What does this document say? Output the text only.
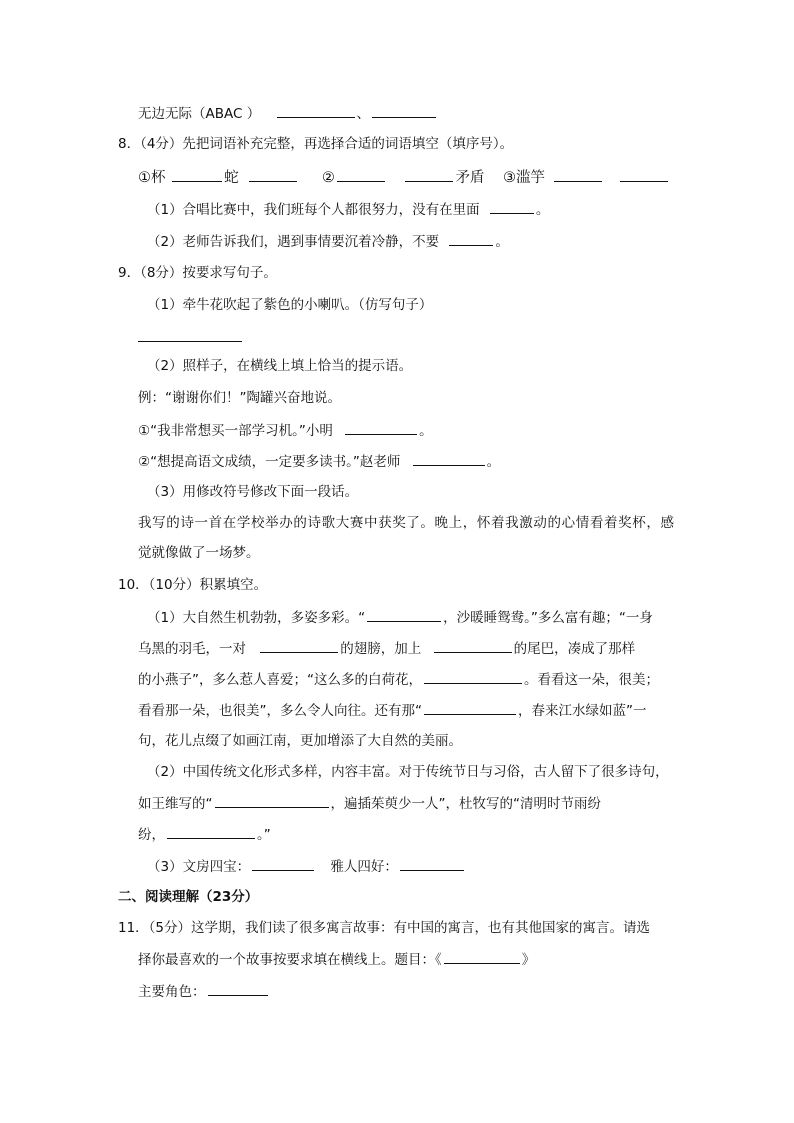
无边无际（ABAC ）	、
8．（4分）先把词语补充完整，再选择合适的词语填空（填序号）。
①杯	蛇	②	矛盾 ③滥竽
（1）合唱比赛中，我们班每个人都很努力，没有在里面	。
（2）老师告诉我们，遇到事情要沉着冷静，不要	。
9．（8分）按要求写句子。
（1）牵牛花吹起了紫色的小喇叭。（仿写句子）
（2）照样子，在横线上填上恰当的提示语。
例：“谢谢你们！”陶罐兴奋地说。
①“我非常想买一部学习机。”小明	。
②“想提高语文成绩，一定要多读书。”赵老师	。
（3）用修改符号修改下面一段话。
我写的诗一首在学校举办的诗歌大赛中获奖了。晚上，怀着我激动的心情看着奖杯，感
觉就像做了一场梦。
10．（10分）积累填空。
（1）大自然生机勃勃，多姿多彩。“	，沙暖睡鸳鸯。”多么富有趣；“一身
乌黑的羽毛，一对	的翅膀，加上	的尾巴，凑成了那样
的小燕子”，多么惹人喜爱；“这么多的白荷花，	。看看这一朵，很美；
看看那一朵，也很美”，多么令人向往。还有那“	，春来江水绿如蓝”一
句，花儿点缀了如画江南，更加增添了大自然的美丽。
（2）中国传统文化形式多样，内容丰富。对于传统节日与习俗，古人留下了很多诗句，
如王维写的“	，遍插茱萸少一人”，杜牧写的“清明时节雨纷
纷，	。”
（3）文房四宝：	雅人四好：
二、阅读理解（23分）
11．（5分）这学期，我们读了很多寓言故事：有中国的寓言，也有其他国家的寓言。请选
择你最喜欢的一个故事按要求填在横线上。题目：《	》
主要角色：
